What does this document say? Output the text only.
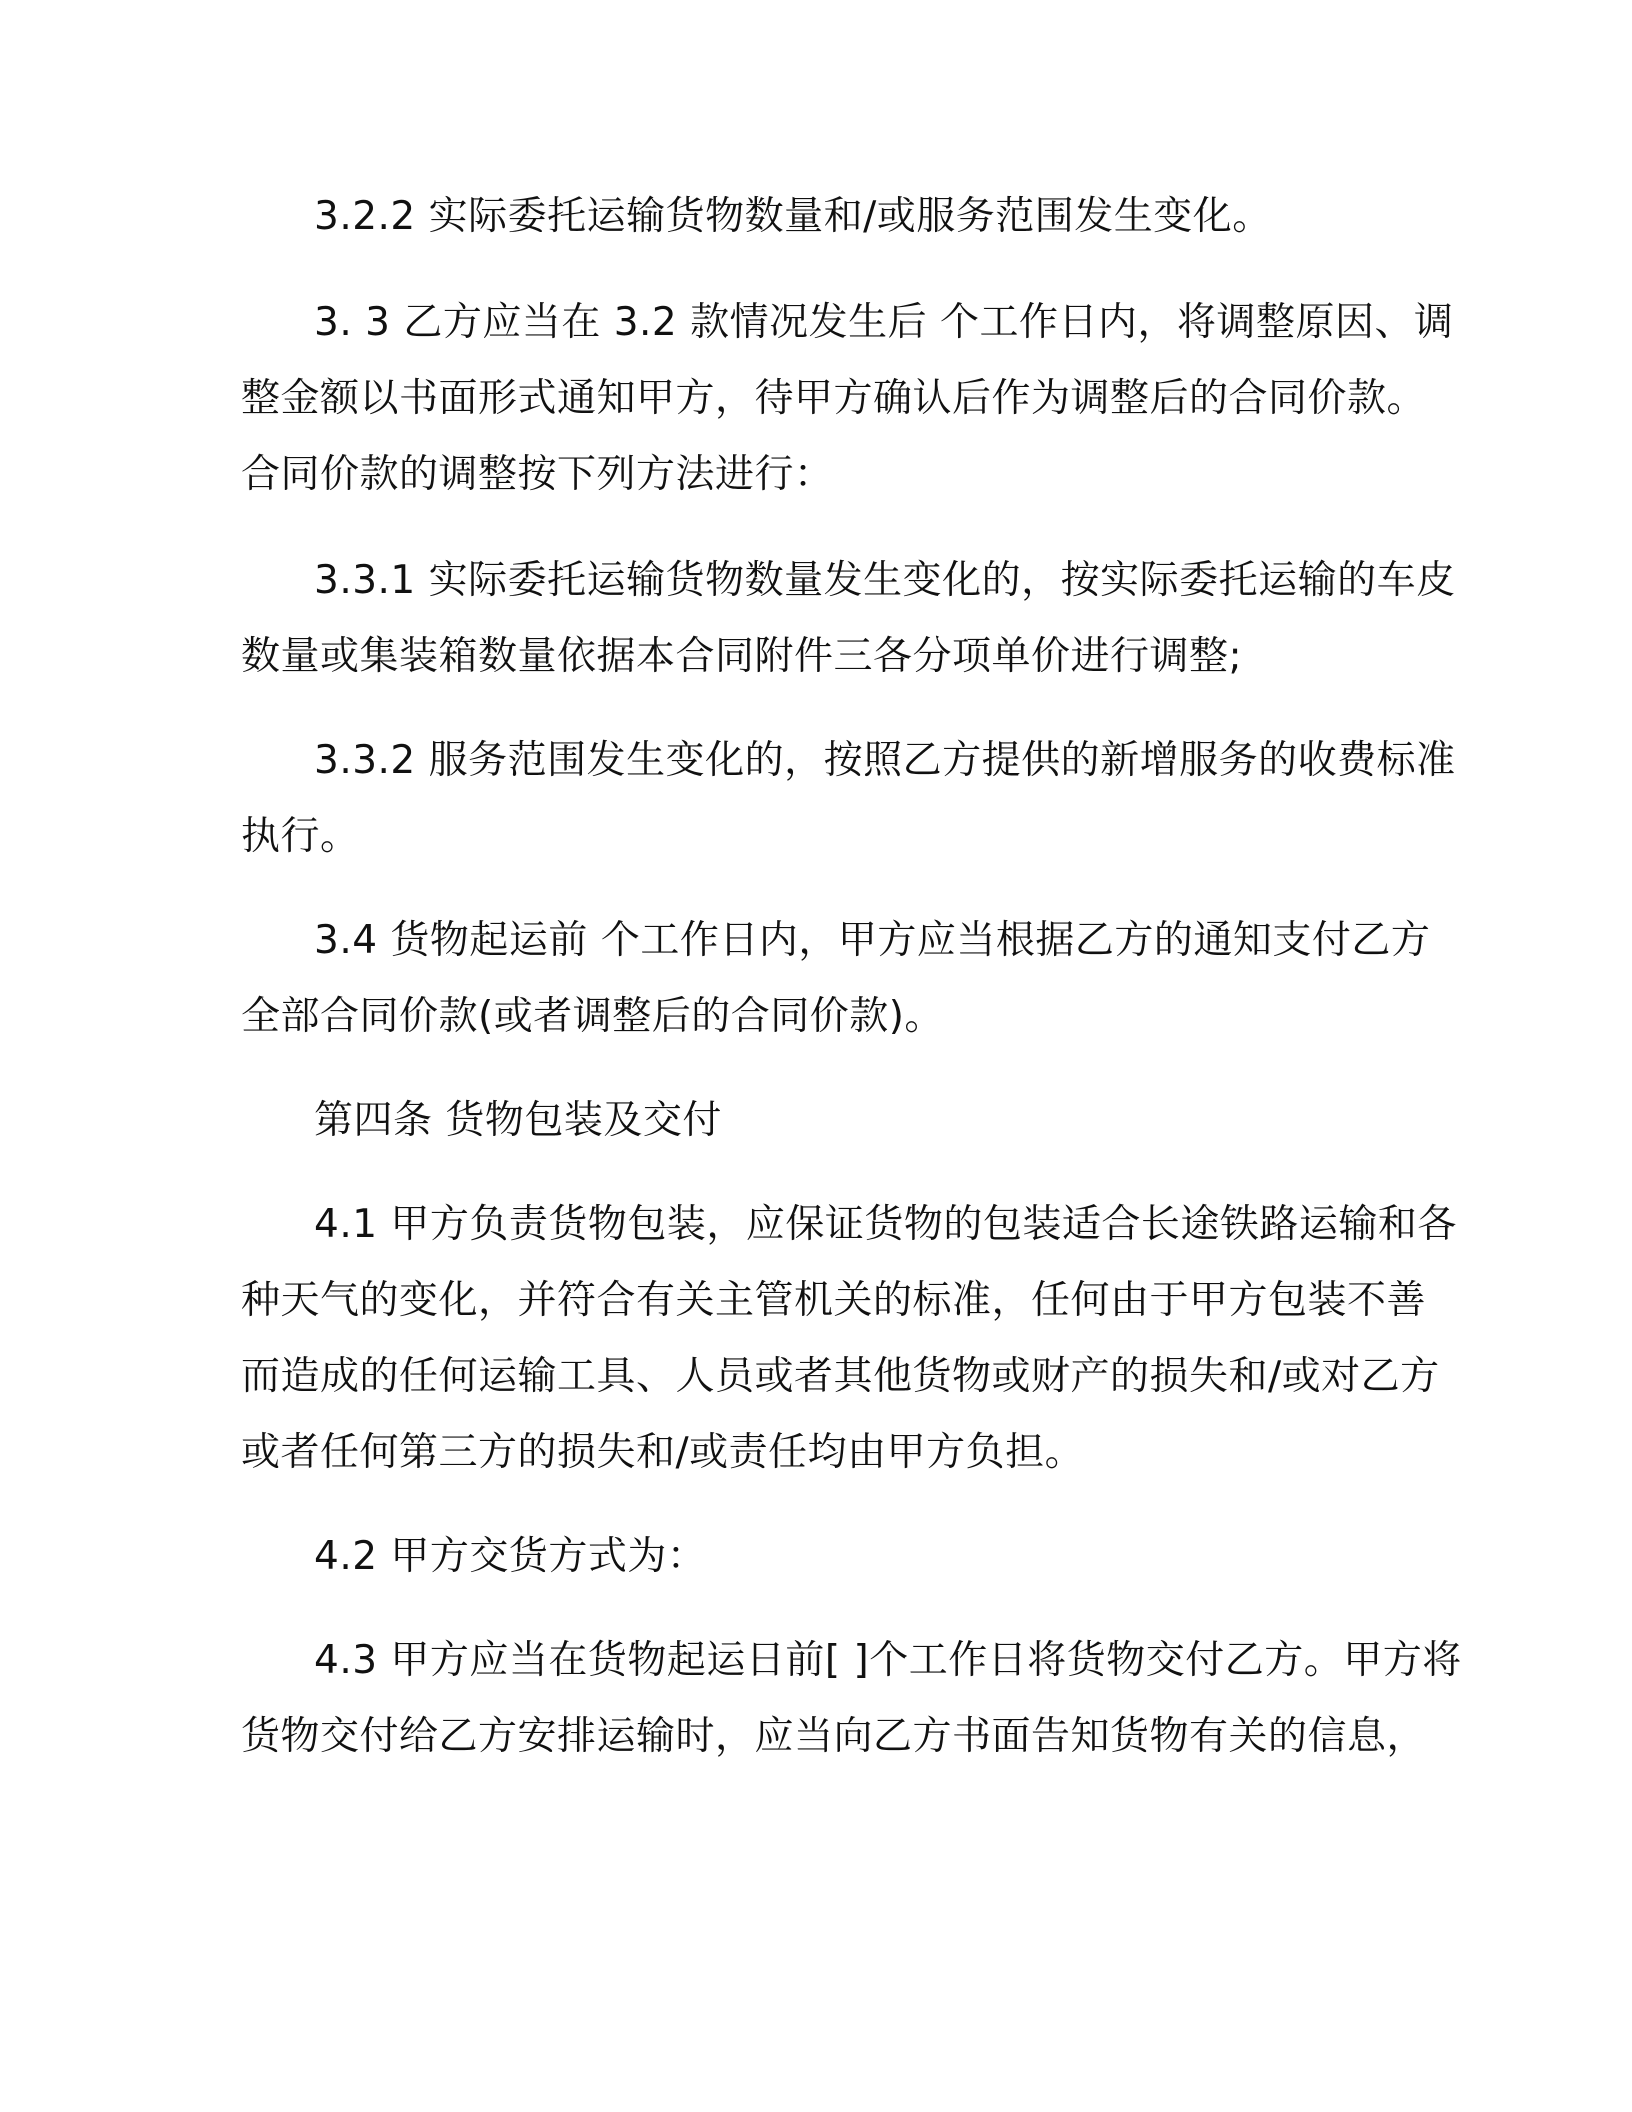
3.2.2 实际委托运输货物数量和/或服务范围发生变化。
3. 3 乙方应当在 3.2 款情况发生后 个工作日内，将调整原因、调
整金额以书面形式通知甲方，待甲方确认后作为调整后的合同价款。
合同价款的调整按下列方法进行：
3.3.1 实际委托运输货物数量发生变化的，按实际委托运输的车皮
数量或集装箱数量依据本合同附件三各分项单价进行调整;
3.3.2 服务范围发生变化的，按照乙方提供的新增服务的收费标准
执行。
3.4 货物起运前 个工作日内，甲方应当根据乙方的通知支付乙方
全部合同价款(或者调整后的合同价款)。
第四条 货物包装及交付
4.1 甲方负责货物包装，应保证货物的包装适合长途铁路运输和各
种天气的变化，并符合有关主管机关的标准，任何由于甲方包装不善
而造成的任何运输工具、人员或者其他货物或财产的损失和/或对乙方
或者任何第三方的损失和/或责任均由甲方负担。
4.2 甲方交货方式为：
4.3 甲方应当在货物起运日前[ ]个工作日将货物交付乙方。甲方将
货物交付给乙方安排运输时，应当向乙方书面告知货物有关的信息，
